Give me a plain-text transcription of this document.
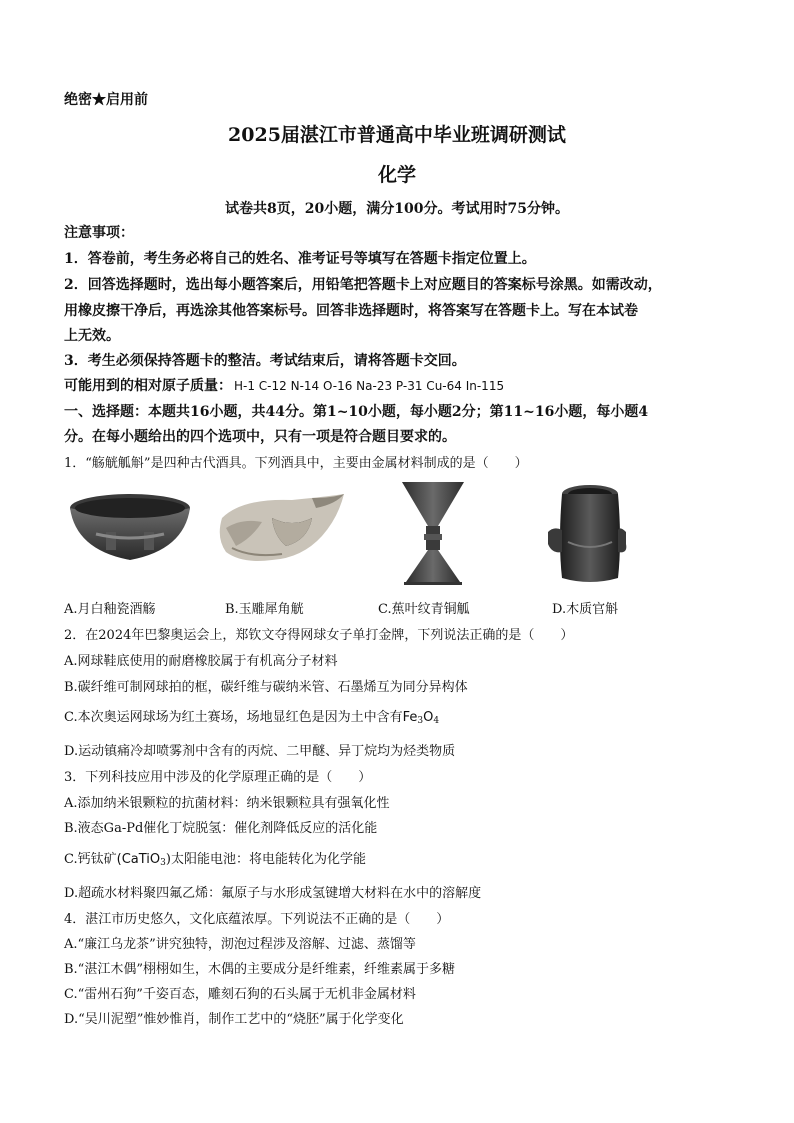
绝密★启用前
2025届湛江市普通高中毕业班调研测试
化学
试卷共8页，20小题，满分100分。考试用时75分钟。
注意事项：
1．答卷前，考生务必将自己的姓名、准考证号等填写在答题卡指定位置上。
2．回答选择题时，选出每小题答案后，用铅笔把答题卡上对应题目的答案标号涂黑。如需改动，
用橡皮擦干净后，再选涂其他答案标号。回答非选择题时，将答案写在答题卡上。写在本试卷
上无效。
3．考生必须保持答题卡的整洁。考试结束后，请将答题卡交回。
可能用到的相对原子质量： H-1 C-12 N-14 O-16 Na-23 P-31 Cu-64 In-115
一、选择题：本题共16小题，共44分。第1~10小题，每小题2分；第11~16小题，每小题4
分。在每小题给出的四个选项中，只有一项是符合题目要求的。
1．“觞觥觚斛”是四种古代酒具。下列酒具中，主要由金属材料制成的是（　　）
A.月白釉瓷酒觞	B.玉雕犀角觥	C.蕉叶纹青铜觚	D.木质官斛
2．在2024年巴黎奥运会上，郑钦文夺得网球女子单打金牌，下列说法正确的是（　　）
A.网球鞋底使用的耐磨橡胶属于有机高分子材料
B.碳纤维可制网球拍的框，碳纤维与碳纳米管、石墨烯互为同分异构体
C.本次奥运网球场为红土赛场，场地显红色是因为土中含有$Fe_3O_4$
D.运动镇痛冷却喷雾剂中含有的丙烷、二甲醚、异丁烷均为烃类物质
3．下列科技应用中涉及的化学原理正确的是（　　）
A.添加纳米银颗粒的抗菌材料：纳米银颗粒具有强氧化性
B.液态Ga-Pd催化丁烷脱氢：催化剂降低反应的活化能
C.钙钛矿(CaTiO$_3$)太阳能电池：将电能转化为化学能
D.超疏水材料聚四氟乙烯：氟原子与水形成氢键增大材料在水中的溶解度
4．湛江市历史悠久，文化底蕴浓厚。下列说法不正确的是（　　）
A.“廉江乌龙茶”讲究独特，沏泡过程涉及溶解、过滤、蒸馏等
B.“湛江木偶”栩栩如生，木偶的主要成分是纤维素，纤维素属于多糖
C.“雷州石狗”千姿百态，雕刻石狗的石头属于无机非金属材料
D.“吴川泥塑”惟妙惟肖，制作工艺中的“烧胚”属于化学变化
